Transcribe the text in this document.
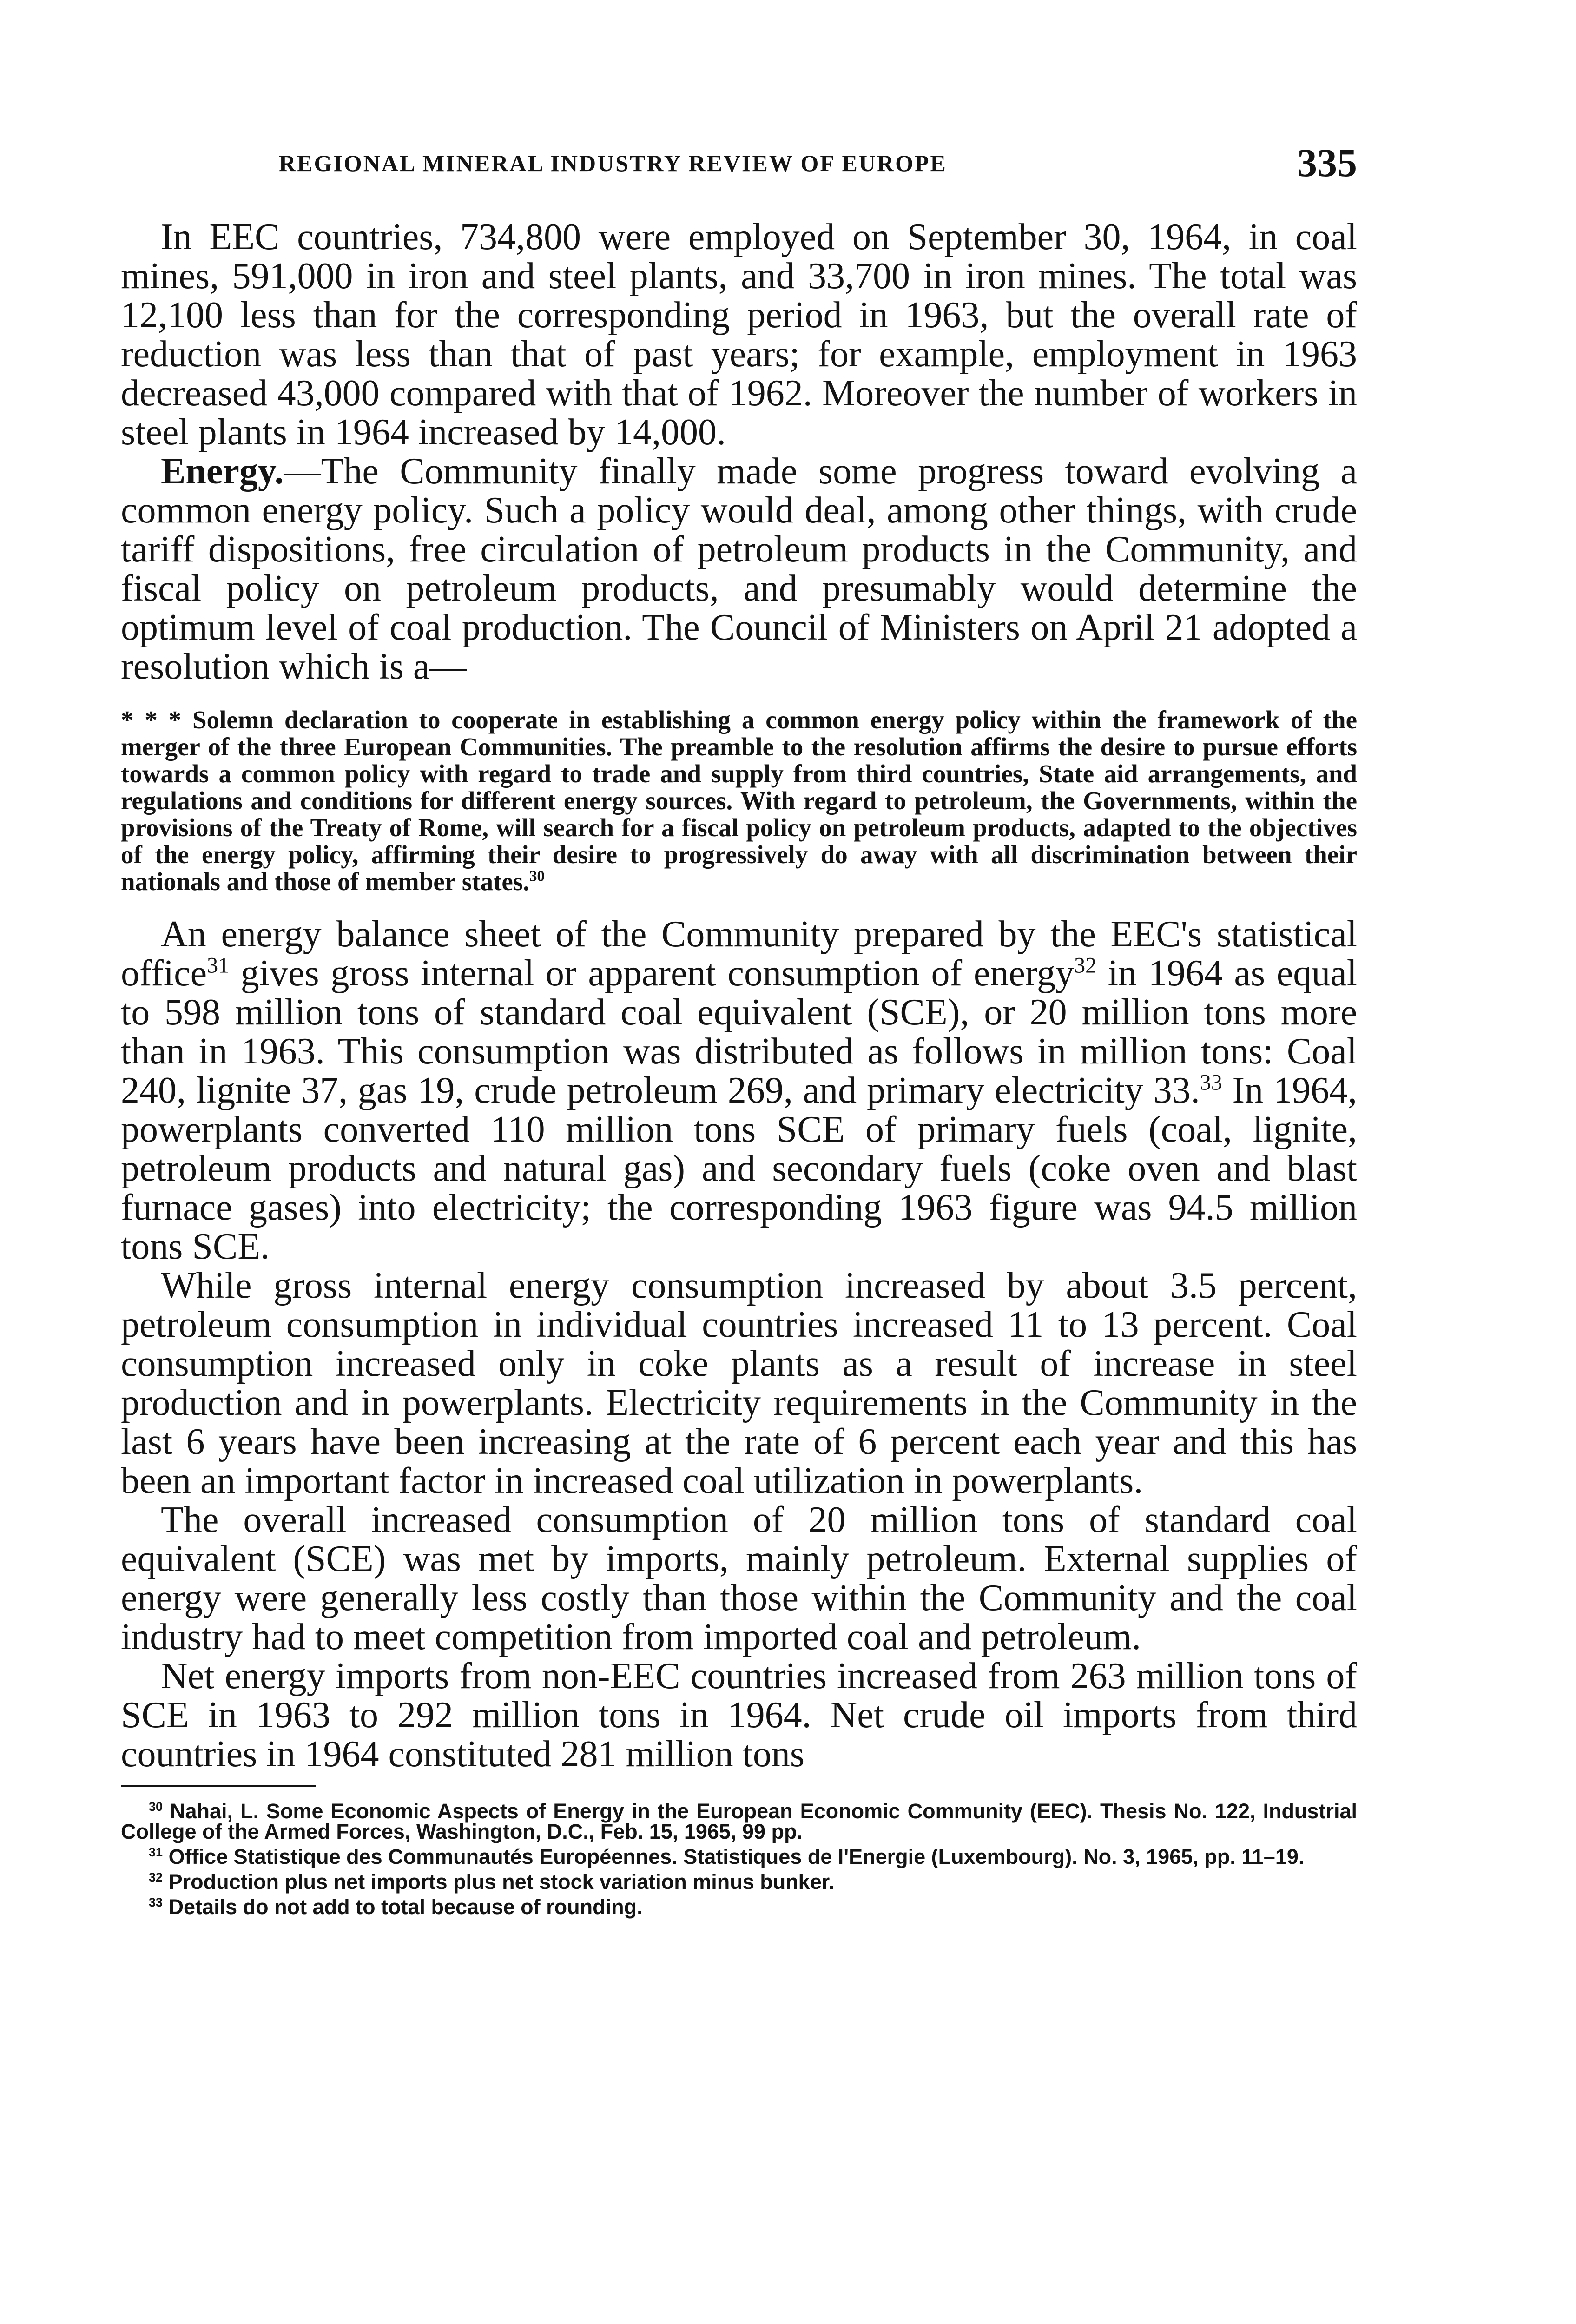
REGIONAL MINERAL INDUSTRY REVIEW OF EUROPE	335

In EEC countries, 734,800 were employed on September 30, 1964, in coal mines, 591,000 in iron and steel plants, and 33,700 in iron mines. The total was 12,100 less than for the corresponding period in 1963, but the overall rate of reduction was less than that of past years; for example, employment in 1963 decreased 43,000 compared with that of 1962. Moreover the number of workers in steel plants in 1964 increased by 14,000.

Energy.—The Community finally made some progress toward evolving a common energy policy. Such a policy would deal, among other things, with crude tariff dispositions, free circulation of petroleum products in the Community, and fiscal policy on petroleum products, and presumably would determine the optimum level of coal production. The Council of Ministers on April 21 adopted a resolution which is a—

* * * Solemn declaration to cooperate in establishing a common energy policy within the framework of the merger of the three European Communities. The preamble to the resolution affirms the desire to pursue efforts towards a common policy with regard to trade and supply from third countries, State aid arrangements, and regulations and conditions for different energy sources. With regard to petroleum, the Governments, within the provisions of the Treaty of Rome, will search for a fiscal policy on petroleum products, adapted to the objectives of the energy policy, affirming their desire to progressively do away with all discrimination between their nationals and those of member states.$^{30}$

An energy balance sheet of the Community prepared by the EEC's statistical office$^{31}$ gives gross internal or apparent consumption of energy$^{32}$ in 1964 as equal to 598 million tons of standard coal equivalent (SCE), or 20 million tons more than in 1963. This consumption was distributed as follows in million tons: Coal 240, lignite 37, gas 19, crude petroleum 269, and primary electricity 33.33 In 1964, powerplants converted 110 million tons SCE of primary fuels (coal, lignite, petroleum products and natural gas) and secondary fuels (coke oven and blast furnace gases) into electricity; the corresponding 1963 figure was 94.5 million tons SCE.

While gross internal energy consumption increased by about 3.5 percent, petroleum consumption in individual countries increased 11 to 13 percent. Coal consumption increased only in coke plants as a result of increase in steel production and in powerplants. Electricity requirements in the Community in the last 6 years have been increasing at the rate of 6 percent each year and this has been an important factor in increased coal utilization in powerplants.

The overall increased consumption of 20 million tons of standard coal equivalent (SCE) was met by imports, mainly petroleum. External supplies of energy were generally less costly than those within the Community and the coal industry had to meet competition from imported coal and petroleum.

Net energy imports from non-EEC countries increased from 263 million tons of SCE in 1963 to 292 million tons in 1964. Net crude oil imports from third countries in 1964 constituted 281 million tons

$^{30}$ Nahai, L. Some Economic Aspects of Energy in the European Economic Community (EEC). Thesis No. 122, Industrial College of the Armed Forces, Washington, D.C., Feb. 15, 1965, 99 pp.

$^{31}$ Office Statistique des Communautés Européennes. Statistiques de l'Energie (Luxembourg). No. 3, 1965, pp. 11–19.

$^{32}$ Production plus net imports plus net stock variation minus bunker.

$^{33}$ Details do not add to total because of rounding.
